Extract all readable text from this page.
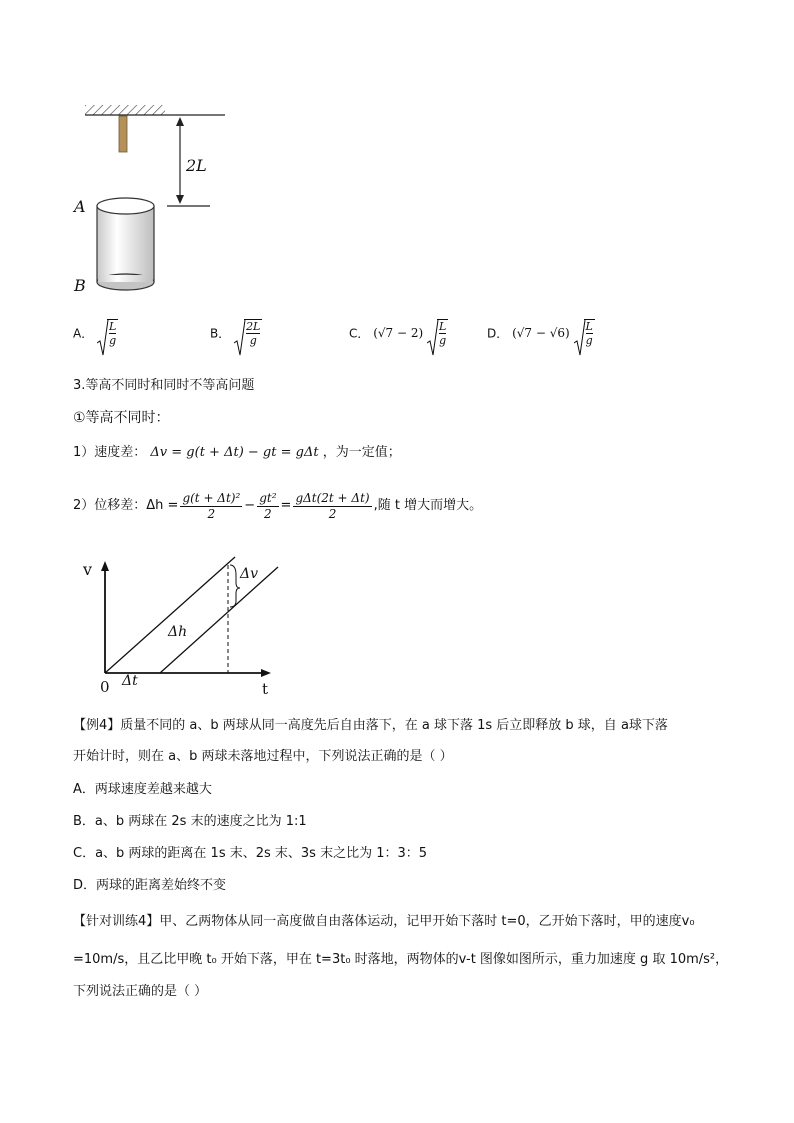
2L
A
B
A． $\frac{L}{g}$	B． $\frac{2L}{g}$	C． $(√7 - 2) \frac{L}{g}$	D． $(√7 - √6) \frac{L}{g}$
3.等高不同时和同时不等高问题
①等高不同时：
1）速度差： Δv = g(t + Δt) − gt = gΔt ，为一定值；
2）位移差：$\Delta h = \frac{\text{g(t + Δt)²}}{2} - \frac{\text{gt²}}{2} = \frac{\text{gΔt(2t + Δt)}}{2}$ ,随 t 增大而增大。
v
t
0
Δv
Δh
Δt
【例4】质量不同的 a、b 两球从同一高度先后自由落下，在 a 球下落 1s 后立即释放 b 球，自 a球下落
开始计时，则在 a、b 两球未落地过程中，下列说法正确的是（ ）
A．两球速度差越来越大
B．a、b 两球在 2s 末的速度之比为 1:1
C．a、b 两球的距离在 1s 末、2s 末、3s 末之比为 1：3：5
D．两球的距离差始终不变
【针对训练4】甲、乙两物体从同一高度做自由落体运动，记甲开始下落时 t=0，乙开始下落时，甲的速度v₀
=10m/s，且乙比甲晚 t₀ 开始下落，甲在 t=3t₀ 时落地，两物体的v-t 图像如图所示，重力加速度 g 取 10m/s²，
下列说法正确的是（ ）
